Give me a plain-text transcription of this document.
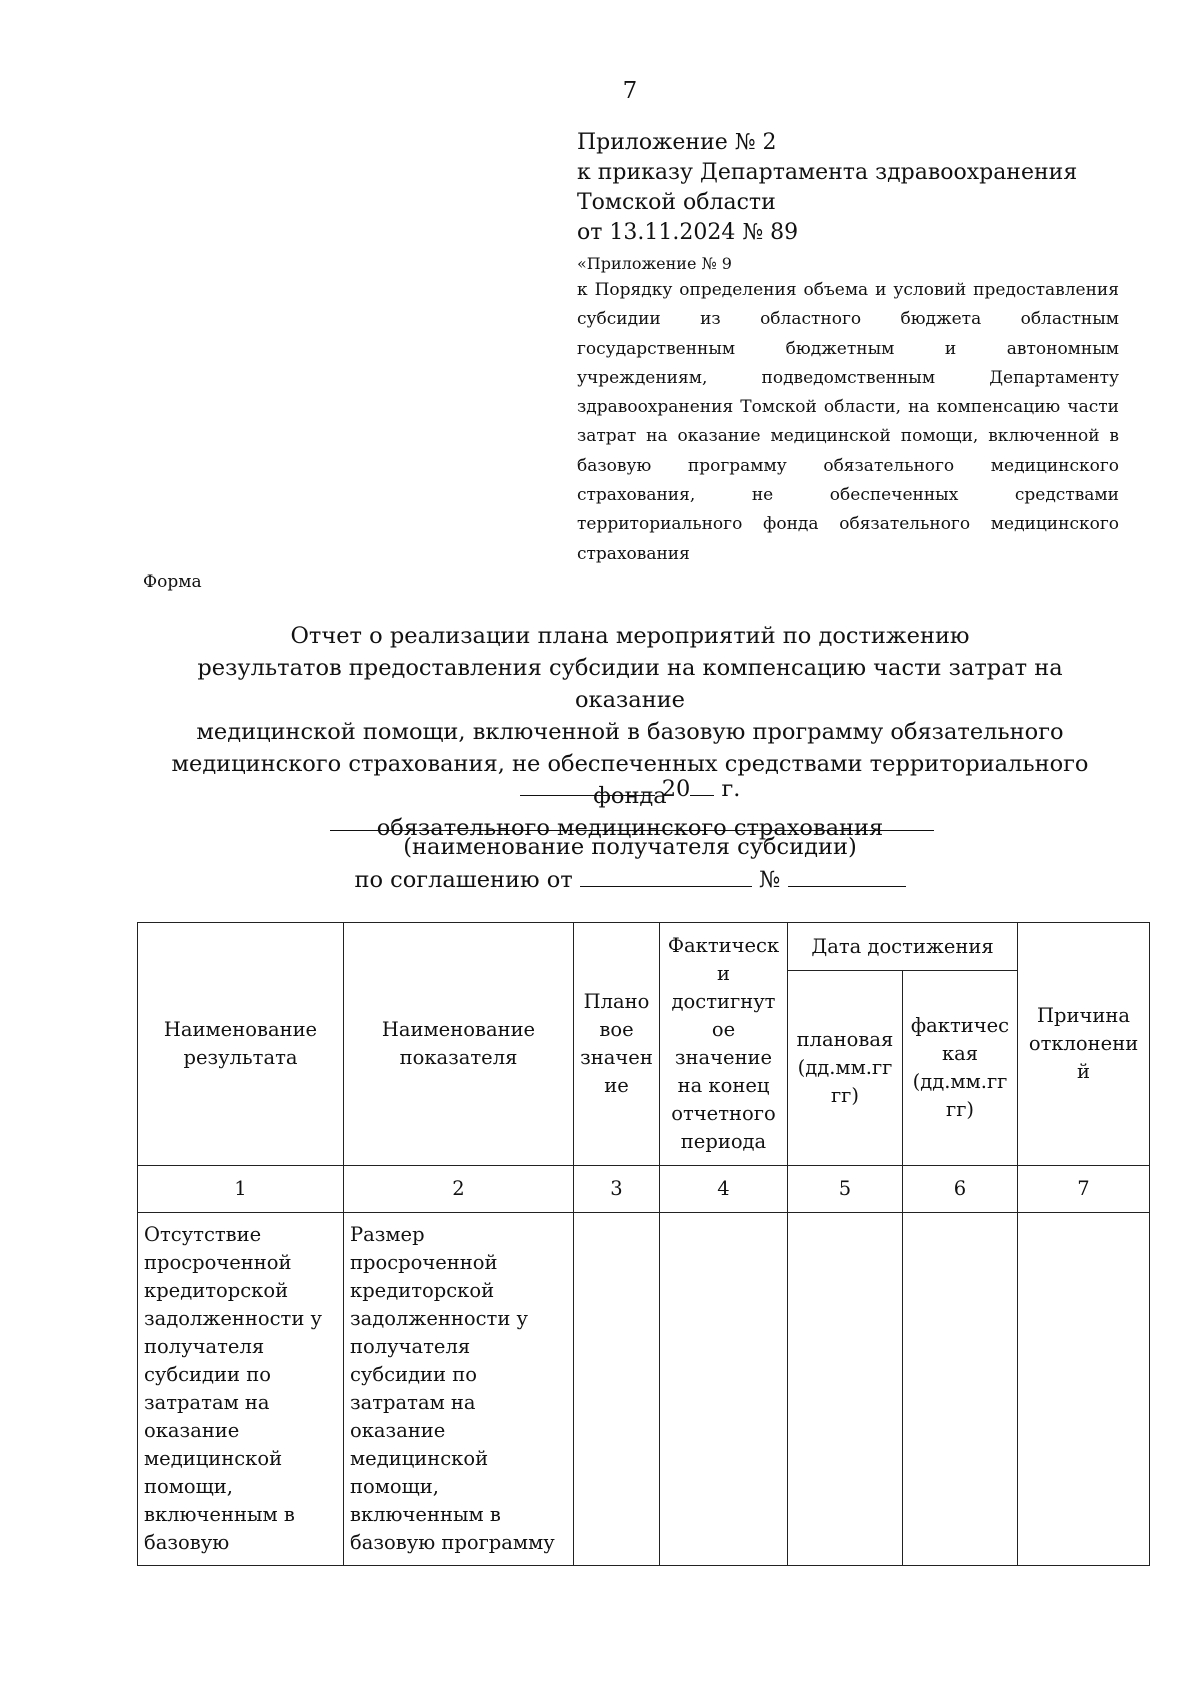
7
Приложение № 2
к приказу Департамента здравоохранения
Томской области
от 13.11.2024 № 89
«Приложение № 9
к Порядку определения объема и условий предоставления субсидии из областного бюджета областным государственным бюджетным и автономным учреждениям, подведомственным Департаменту здравоохранения Томской области, на компенсацию части затрат на оказание медицинской помощи, включенной в базовую программу обязательного медицинского страхования, не обеспеченных средствами территориального фонда обязательного медицинского страхования
Форма
Отчет о реализации плана мероприятий по достижению
результатов предоставления субсидии на компенсацию части затрат на оказание
медицинской помощи, включенной в базовую программу обязательного
медицинского страхования, не обеспеченных средствами территориального фонда
обязательного медицинского страхования
20 г.
(наименование получателя субсидии)
по соглашению от	№
Наименование результата	Наименование показателя	Плано вое значен ие	Фактическ и достигнут ое значение на конец отчетного периода	Дата достижения		Причина отклонени й
				плановая (дд.мм.гг гг)	фактичес кая (дд.мм.гг гг)	
1	2	3	4	5	6	7
Отсутствие просроченной кредиторской задолженности у получателя субсидии по затратам на оказание медицинской помощи, включенным в базовую	Размер просроченной кредиторской задолженности у получателя субсидии по затратам на оказание медицинской помощи, включенным в базовую программу					
